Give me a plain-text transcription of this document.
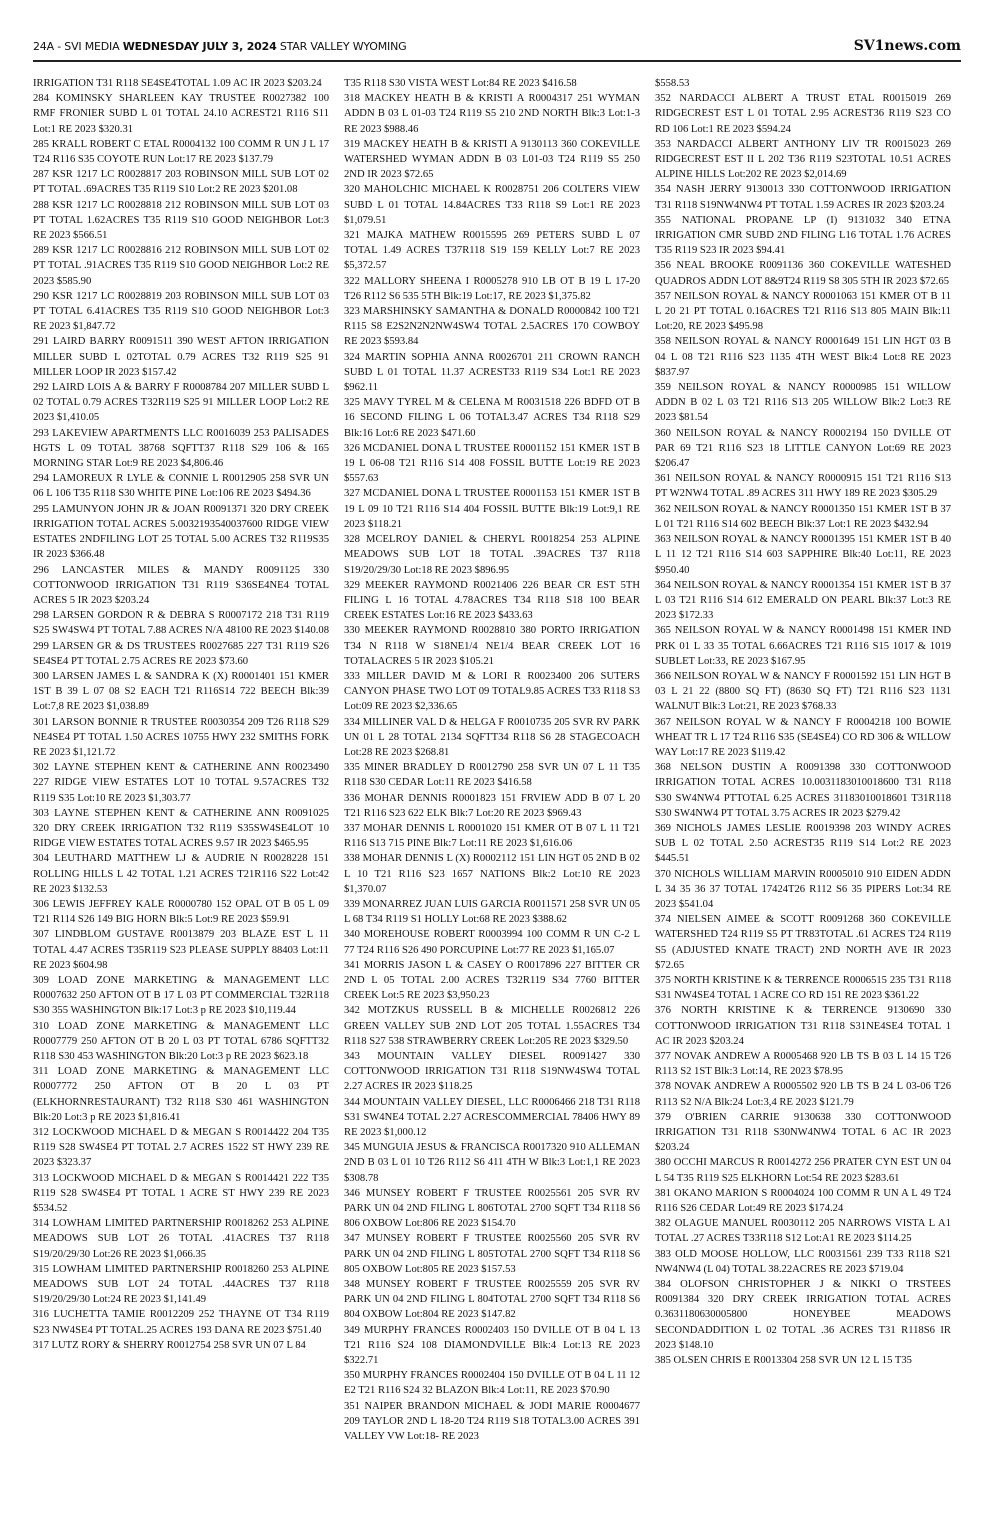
24A - SVI MEDIA WEDNESDAY JULY 3, 2024 STAR VALLEY WYOMING	SV1news.com

IRRIGATION T31 R118 SE4SE4TOTAL 1.09 AC IR 2023 $203.24

284 KOMINSKY SHARLEEN KAY TRUSTEE R0027382 100 RMF FRONIER SUBD L 01 TOTAL 24.10 ACRESТ21 R116 S11 Lot:1 RE 2023 $320.31

285 KRALL ROBERT C ETAL R0004132 100 COMM R UN J L 17 T24 R116 S35 COYOTE RUN Lot:17 RE 2023 $137.79

287 KSR 1217 LC R0028817 203 ROBINSON MILL SUB LOT 02 PT TOTAL .69ACRES T35 R119 S10 Lot:2 RE 2023 $201.08

288 KSR 1217 LC R0028818 212 ROBINSON MILL SUB LOT 03 PT TOTAL 1.62ACRES T35 R119 S10 GOOD NEIGHBOR Lot:3 RE 2023 $566.51

289 KSR 1217 LC R0028816 212 ROBINSON MILL SUB LOT 02 PT TOTAL .91ACRES T35 R119 S10 GOOD NEIGHBOR Lot:2 RE 2023 $585.90

290 KSR 1217 LC R0028819 203 ROBINSON MILL SUB LOT 03 PT TOTAL 6.41ACRES T35 R119 S10 GOOD NEIGHBOR Lot:3 RE 2023 $1,847.72

291 LAIRD BARRY R0091511 390 WEST AFTON IRRIGATION MILLER SUBD L 02TOTAL 0.79 ACRES T32 R119 S25 91 MILLER LOOP IR 2023 $157.42

292 LAIRD LOIS A & BARRY F R0008784 207 MILLER SUBD L 02 TOTAL 0.79 ACRES T32R119 S25 91 MILLER LOOP Lot:2 RE 2023 $1,410.05

293 LAKEVIEW APARTMENTS LLC R0016039 253 PALISADES HGTS L 09 TOTAL 38768 SQFTT37 R118 S29 106 & 165 MORNING STAR Lot:9 RE 2023 $4,806.46

294 LAMOREUX R LYLE & CONNIE L R0012905 258 SVR UN 06 L 106 T35 R118 S30 WHITE PINE Lot:106 RE 2023 $494.36

295 LAMUNYON JOHN JR & JOAN R0091371 320 DRY CREEK IRRIGATION TOTAL ACRES 5.0032193540037600 RIDGE VIEW ESTATES 2NDFILING LOT 25 TOTAL 5.00 ACRES T32 R119S35 IR 2023 $366.48

296 LANCASTER MILES & MANDY R0091125 330 COTTONWOOD IRRIGATION T31 R119 S36SE4NE4 TOTAL ACRES 5 IR 2023 $203.24

298 LARSEN GORDON R & DEBRA S R0007172 218 T31 R119 S25 SW4SW4 PT TOTAL 7.88 ACRES N/A 48100 RE 2023 $140.08

299 LARSEN GR & DS TRUSTEES R0027685 227 T31 R119 S26 SE4SE4 PT TOTAL 2.75 ACRES RE 2023 $73.60

300 LARSEN JAMES L & SANDRA K (X) R0001401 151 KMER 1ST B 39 L 07 08 S2 EACH T21 R116S14 722 BEECH Blk:39 Lot:7,8 RE 2023 $1,038.89

301 LARSON BONNIE R TRUSTEE R0030354 209 T26 R118 S29 NE4SE4 PT TOTAL 1.50 ACRES 10755 HWY 232 SMITHS FORK RE 2023 $1,121.72

302 LAYNE STEPHEN KENT & CATHERINE ANN R0023490 227 RIDGE VIEW ESTATES LOT 10 TOTAL 9.57ACRES T32 R119 S35 Lot:10 RE 2023 $1,303.77

303 LAYNE STEPHEN KENT & CATHERINE ANN R0091025 320 DRY CREEK IRRIGATION T32 R119 S35SW4SE4LOT 10 RIDGE VIEW ESTATES TOTAL ACRES 9.57 IR 2023 $465.95

304 LEUTHARD MATTHEW LJ & AUDRIE N R0028228 151 ROLLING HILLS L 42 TOTAL 1.21 ACRES T21R116 S22 Lot:42 RE 2023 $132.53

306 LEWIS JEFFREY KALE R0000780 152 OPAL OT B 05 L 09 T21 R114 S26 149 BIG HORN Blk:5 Lot:9 RE 2023 $59.91

307 LINDBLOM GUSTAVE R0013879 203 BLAZE EST L 11 TOTAL 4.47 ACRES T35R119 S23 PLEASE SUPPLY 88403 Lot:11 RE 2023 $604.98

309 LOAD ZONE MARKETING & MANAGEMENT LLC R0007632 250 AFTON OT B 17 L 03 PT COMMERCIAL T32R118 S30 355 WASHINGTON Blk:17 Lot:3 p RE 2023 $10,119.44

310 LOAD ZONE MARKETING & MANAGEMENT LLC R0007779 250 AFTON OT B 20 L 03 PT TOTAL 6786 SQFTT32 R118 S30 453 WASHINGTON Blk:20 Lot:3 p RE 2023 $623.18

311 LOAD ZONE MARKETING & MANAGEMENT LLC R0007772 250 AFTON OT B 20 L 03 PT (ELKHORNRESTAURANT) T32 R118 S30 461 WASHINGTON Blk:20 Lot:3 p RE 2023 $1,816.41

312 LOCKWOOD MICHAEL D & MEGAN S R0014422 204 T35 R119 S28 SW4SE4 PT TOTAL 2.7 ACRES 1522 ST HWY 239 RE 2023 $323.37

313 LOCKWOOD MICHAEL D & MEGAN S R0014421 222 T35 R119 S28 SW4SE4 PT TOTAL 1 ACRE ST HWY 239 RE 2023 $534.52

314 LOWHAM LIMITED PARTNERSHIP R0018262 253 ALPINE MEADOWS SUB LOT 26 TOTAL .41ACRES T37 R118 S19/20/29/30 Lot:26 RE 2023 $1,066.35

315 LOWHAM LIMITED PARTNERSHIP R0018260 253 ALPINE MEADOWS SUB LOT 24 TOTAL .44ACRES T37 R118 S19/20/29/30 Lot:24 RE 2023 $1,141.49

316 LUCHETTA TAMIE R0012209 252 THAYNE OT T34 R119 S23 NW4SE4 PT TOTAL.25 ACRES 193 DANA RE 2023 $751.40

317 LUTZ RORY & SHERRY R0012754 258 SVR UN 07 L 84

T35 R118 S30 VISTA WEST Lot:84 RE 2023 $416.58

318 MACKEY HEATH B & KRISTI A R0004317 251 WYMAN ADDN B 03 L 01-03 T24 R119 S5 210 2ND NORTH Blk:3 Lot:1-3 RE 2023 $988.46

319 MACKEY HEATH B & KRISTI A 9130113 360 COKEVILLE WATERSHED WYMAN ADDN B 03 L01-03 T24 R119 S5 250 2ND IR 2023 $72.65

320 MAHOLCHIC MICHAEL K R0028751 206 COLTERS VIEW SUBD L 01 TOTAL 14.84ACRES T33 R118 S9 Lot:1 RE 2023 $1,079.51

321 MAJKA MATHEW R0015595 269 PETERS SUBD L 07 TOTAL 1.49 ACRES T37R118 S19 159 KELLY Lot:7 RE 2023 $5,372.57

322 MALLORY SHEENA I R0005278 910 LB OT B 19 L 17-20 T26 R112 S6 535 5TH Blk:19 Lot:17, RE 2023 $1,375.82

323 MARSHINSKY SAMANTHA & DONALD R0000842 100 T21 R115 S8 E2S2N2N2NW4SW4 TOTAL 2.5ACRES 170 COWBOY RE 2023 $593.84

324 MARTIN SOPHIA ANNA R0026701 211 CROWN RANCH SUBD L 01 TOTAL 11.37 ACREST33 R119 S34 Lot:1 RE 2023 $962.11

325 MAVY TYREL M & CELENA M R0031518 226 BDFD OT B 16 SECOND FILING L 06 TOTAL3.47 ACRES T34 R118 S29 Blk:16 Lot:6 RE 2023 $471.60

326 MCDANIEL DONA L TRUSTEE R0001152 151 KMER 1ST B 19 L 06-08 T21 R116 S14 408 FOSSIL BUTTE Lot:19 RE 2023 $557.63

327 MCDANIEL DONA L TRUSTEE R0001153 151 KMER 1ST B 19 L 09 10 T21 R116 S14 404 FOSSIL BUTTE Blk:19 Lot:9,1 RE 2023 $118.21

328 MCELROY DANIEL & CHERYL R0018254 253 ALPINE MEADOWS SUB LOT 18 TOTAL .39ACRES T37 R118 S19/20/29/30 Lot:18 RE 2023 $896.95

329 MEEKER RAYMOND R0021406 226 BEAR CR EST 5TH FILING L 16 TOTAL 4.78ACRES T34 R118 S18 100 BEAR CREEK ESTATES Lot:16 RE 2023 $433.63

330 MEEKER RAYMOND R0028810 380 PORTO IRRIGATION T34 N R118 W S18NE1/4 NE1/4 BEAR CREEK LOT 16 TOTALACRES 5 IR 2023 $105.21

333 MILLER DAVID M & LORI R R0023400 206 SUTERS CANYON PHASE TWO LOT 09 TOTAL9.85 ACRES T33 R118 S3 Lot:09 RE 2023 $2,336.65

334 MILLINER VAL D & HELGA F R0010735 205 SVR RV PARK UN 01 L 28 TOTAL 2134 SQFTT34 R118 S6 28 STAGECOACH Lot:28 RE 2023 $268.81

335 MINER BRADLEY D R0012790 258 SVR UN 07 L 11 T35 R118 S30 CEDAR Lot:11 RE 2023 $416.58

336 MOHAR DENNIS R0001823 151 FRVIEW ADD B 07 L 20 T21 R116 S23 622 ELK Blk:7 Lot:20 RE 2023 $969.43

337 MOHAR DENNIS L R0001020 151 KMER OT B 07 L 11 T21 R116 S13 715 PINE Blk:7 Lot:11 RE 2023 $1,616.06

338 MOHAR DENNIS L (X) R0002112 151 LIN HGT 05 2ND B 02 L 10 T21 R116 S23 1657 NATIONS Blk:2 Lot:10 RE 2023 $1,370.07

339 MONARREZ JUAN LUIS GARCIA R0011571 258 SVR UN 05 L 68 T34 R119 S1 HOLLY Lot:68 RE 2023 $388.62

340 MOREHOUSE ROBERT R0003994 100 COMM R UN C-2 L 77 T24 R116 S26 490 PORCUPINE Lot:77 RE 2023 $1,165.07

341 MORRIS JASON L & CASEY O R0017896 227 BITTER CR 2ND L 05 TOTAL 2.00 ACRES T32R119 S34 7760 BITTER CREEK Lot:5 RE 2023 $3,950.23

342 MOTZKUS RUSSELL B & MICHELLE R0026812 226 GREEN VALLEY SUB 2ND LOT 205 TOTAL 1.55ACRES T34 R118 S27 538 STRAWBERRY CREEK Lot:205 RE 2023 $329.50

343 MOUNTAIN VALLEY DIESEL R0091427 330 COTTONWOOD IRRIGATION T31 R118 S19NW4SW4 TOTAL 2.27 ACRES IR 2023 $118.25

344 MOUNTAIN VALLEY DIESEL, LLC R0006466 218 T31 R118 S31 SW4NE4 TOTAL 2.27 ACRESCOMMERCIAL 78406 HWY 89 RE 2023 $1,000.12

345 MUNGUIA JESUS & FRANCISCA R0017320 910 ALLEMAN 2ND B 03 L 01 10 T26 R112 S6 411 4TH W Blk:3 Lot:1,1 RE 2023 $308.78

346 MUNSEY ROBERT F TRUSTEE R0025561 205 SVR RV PARK UN 04 2ND FILING L 806TOTAL 2700 SQFT T34 R118 S6 806 OXBOW Lot:806 RE 2023 $154.70

347 MUNSEY ROBERT F TRUSTEE R0025560 205 SVR RV PARK UN 04 2ND FILING L 805TOTAL 2700 SQFT T34 R118 S6 805 OXBOW Lot:805 RE 2023 $157.53

348 MUNSEY ROBERT F TRUSTEE R0025559 205 SVR RV PARK UN 04 2ND FILING L 804TOTAL 2700 SQFT T34 R118 S6 804 OXBOW Lot:804 RE 2023 $147.82

349 MURPHY FRANCES R0002403 150 DVILLE OT B 04 L 13 T21 R116 S24 108 DIAMONDVILLE Blk:4 Lot:13 RE 2023 $322.71

350 MURPHY FRANCES R0002404 150 DVILLE OT B 04 L 11 12 E2 T21 R116 S24 32 BLAZON Blk:4 Lot:11, RE 2023 $70.90

351 NAIPER BRANDON MICHAEL & JODI MARIE R0004677 209 TAYLOR 2ND L 18-20 T24 R119 S18 TOTAL3.00 ACRES 391 VALLEY VW Lot:18- RE 2023

$558.53

352 NARDACCI ALBERT A TRUST ETAL R0015019 269 RIDGECREST EST L 01 TOTAL 2.95 ACREST36 R119 S23 CO RD 106 Lot:1 RE 2023 $594.24

353 NARDACCI ALBERT ANTHONY LIV TR R0015023 269 RIDGECREST EST II L 202 T36 R119 S23TOTAL 10.51 ACRES ALPINE HILLS Lot:202 RE 2023 $2,014.69

354 NASH JERRY 9130013 330 COTTONWOOD IRRIGATION T31 R118 S19NW4NW4 PT TOTAL 1.59 ACRES IR 2023 $203.24

355 NATIONAL PROPANE LP (I) 9131032 340 ETNA IRRIGATION CMR SUBD 2ND FILING L16 TOTAL 1.76 ACRES T35 R119 S23 IR 2023 $94.41

356 NEAL BROOKE R0091136 360 COKEVILLE WATESHED QUADROS ADDN LOT 8&9T24 R119 S8 305 5TH IR 2023 $72.65

357 NEILSON ROYAL & NANCY R0001063 151 KMER OT B 11 L 20 21 PT TOTAL 0.16ACRES T21 R116 S13 805 MAIN Blk:11 Lot:20, RE 2023 $495.98

358 NEILSON ROYAL & NANCY R0001649 151 LIN HGT 03 B 04 L 08 T21 R116 S23 1135 4TH WEST Blk:4 Lot:8 RE 2023 $837.97

359 NEILSON ROYAL & NANCY R0000985 151 WILLOW ADDN B 02 L 03 T21 R116 S13 205 WILLOW Blk:2 Lot:3 RE 2023 $81.54

360 NEILSON ROYAL & NANCY R0002194 150 DVILLE OT PAR 69 T21 R116 S23 18 LITTLE CANYON Lot:69 RE 2023 $206.47

361 NEILSON ROYAL & NANCY R0000915 151 T21 R116 S13 PT W2NW4 TOTAL .89 ACRES 311 HWY 189 RE 2023 $305.29

362 NEILSON ROYAL & NANCY R0001350 151 KMER 1ST B 37 L 01 T21 R116 S14 602 BEECH Blk:37 Lot:1 RE 2023 $432.94

363 NEILSON ROYAL & NANCY R0001395 151 KMER 1ST B 40 L 11 12 T21 R116 S14 603 SAPPHIRE Blk:40 Lot:11, RE 2023 $950.40

364 NEILSON ROYAL & NANCY R0001354 151 KMER 1ST B 37 L 03 T21 R116 S14 612 EMERALD ON PEARL Blk:37 Lot:3 RE 2023 $172.33

365 NEILSON ROYAL W & NANCY R0001498 151 KMER IND PRK 01 L 33 35 TOTAL 6.66ACRES T21 R116 S15 1017 & 1019 SUBLET Lot:33, RE 2023 $167.95

366 NEILSON ROYAL W & NANCY F R0001592 151 LIN HGT B 03 L 21 22 (8800 SQ FT) (8630 SQ FT) T21 R116 S23 1131 WALNUT Blk:3 Lot:21, RE 2023 $768.33

367 NEILSON ROYAL W & NANCY F R0004218 100 BOWIE WHEAT TR L 17 T24 R116 S35 (SE4SE4) CO RD 306 & WILLOW WAY Lot:17 RE 2023 $119.42

368 NELSON DUSTIN A R0091398 330 COTTONWOOD IRRIGATION TOTAL ACRES 10.0031183010018600 T31 R118 S30 SW4NW4 PTTOTAL 6.25 ACRES 31183010018601 T31R118 S30 SW4NW4 PT TOTAL 3.75 ACRES IR 2023 $279.42

369 NICHOLS JAMES LESLIE R0019398 203 WINDY ACRES SUB L 02 TOTAL 2.50 ACREST35 R119 S14 Lot:2 RE 2023 $445.51

370 NICHOLS WILLIAM MARVIN R0005010 910 EIDEN ADDN L 34 35 36 37 TOTAL 17424T26 R112 S6 35 PIPERS Lot:34 RE 2023 $541.04

374 NIELSEN AIMEE & SCOTT R0091268 360 COKEVILLE WATERSHED T24 R119 S5 PT TR83TOTAL .61 ACRES T24 R119 S5 (ADJUSTED KNATE TRACT) 2ND NORTH AVE IR 2023 $72.65

375 NORTH KRISTINE K & TERRENCE R0006515 235 T31 R118 S31 NW4SE4 TOTAL 1 ACRE CO RD 151 RE 2023 $361.22

376 NORTH KRISTINE K & TERRENCE 9130690 330 COTTONWOOD IRRIGATION T31 R118 S31NE4SE4 TOTAL 1 AC IR 2023 $203.24

377 NOVAK ANDREW A R0005468 920 LB TS B 03 L 14 15 T26 R113 S2 1ST Blk:3 Lot:14, RE 2023 $78.95

378 NOVAK ANDREW A R0005502 920 LB TS B 24 L 03-06 T26 R113 S2 N/A Blk:24 Lot:3,4 RE 2023 $121.79

379 O'BRIEN CARRIE 9130638 330 COTTONWOOD IRRIGATION T31 R118 S30NW4NW4 TOTAL 6 AC IR 2023 $203.24

380 OCCHI MARCUS R R0014272 256 PRATER CYN EST UN 04 L 54 T35 R119 S25 ELKHORN Lot:54 RE 2023 $283.61

381 OKANO MARION S R0004024 100 COMM R UN A L 49 T24 R116 S26 CEDAR Lot:49 RE 2023 $174.24

382 OLAGUE MANUEL R0030112 205 NARROWS VISTA L A1 TOTAL .27 ACRES T33R118 S12 Lot:A1 RE 2023 $114.25

383 OLD MOOSE HOLLOW, LLC R0031561 239 T33 R118 S21 NW4NW4 (L 04) TOTAL 38.22ACRES RE 2023 $719.04

384 OLOFSON CHRISTOPHER J & NIKKI O TRSTEES R0091384 320 DRY CREEK IRRIGATION TOTAL ACRES 0.3631180630005800 HONEYBEE MEADOWS SECONDADDITION L 02 TOTAL .36 ACRES T31 R118S6 IR 2023 $148.10

385 OLSEN CHRIS E R0013304 258 SVR UN 12 L 15 T35
